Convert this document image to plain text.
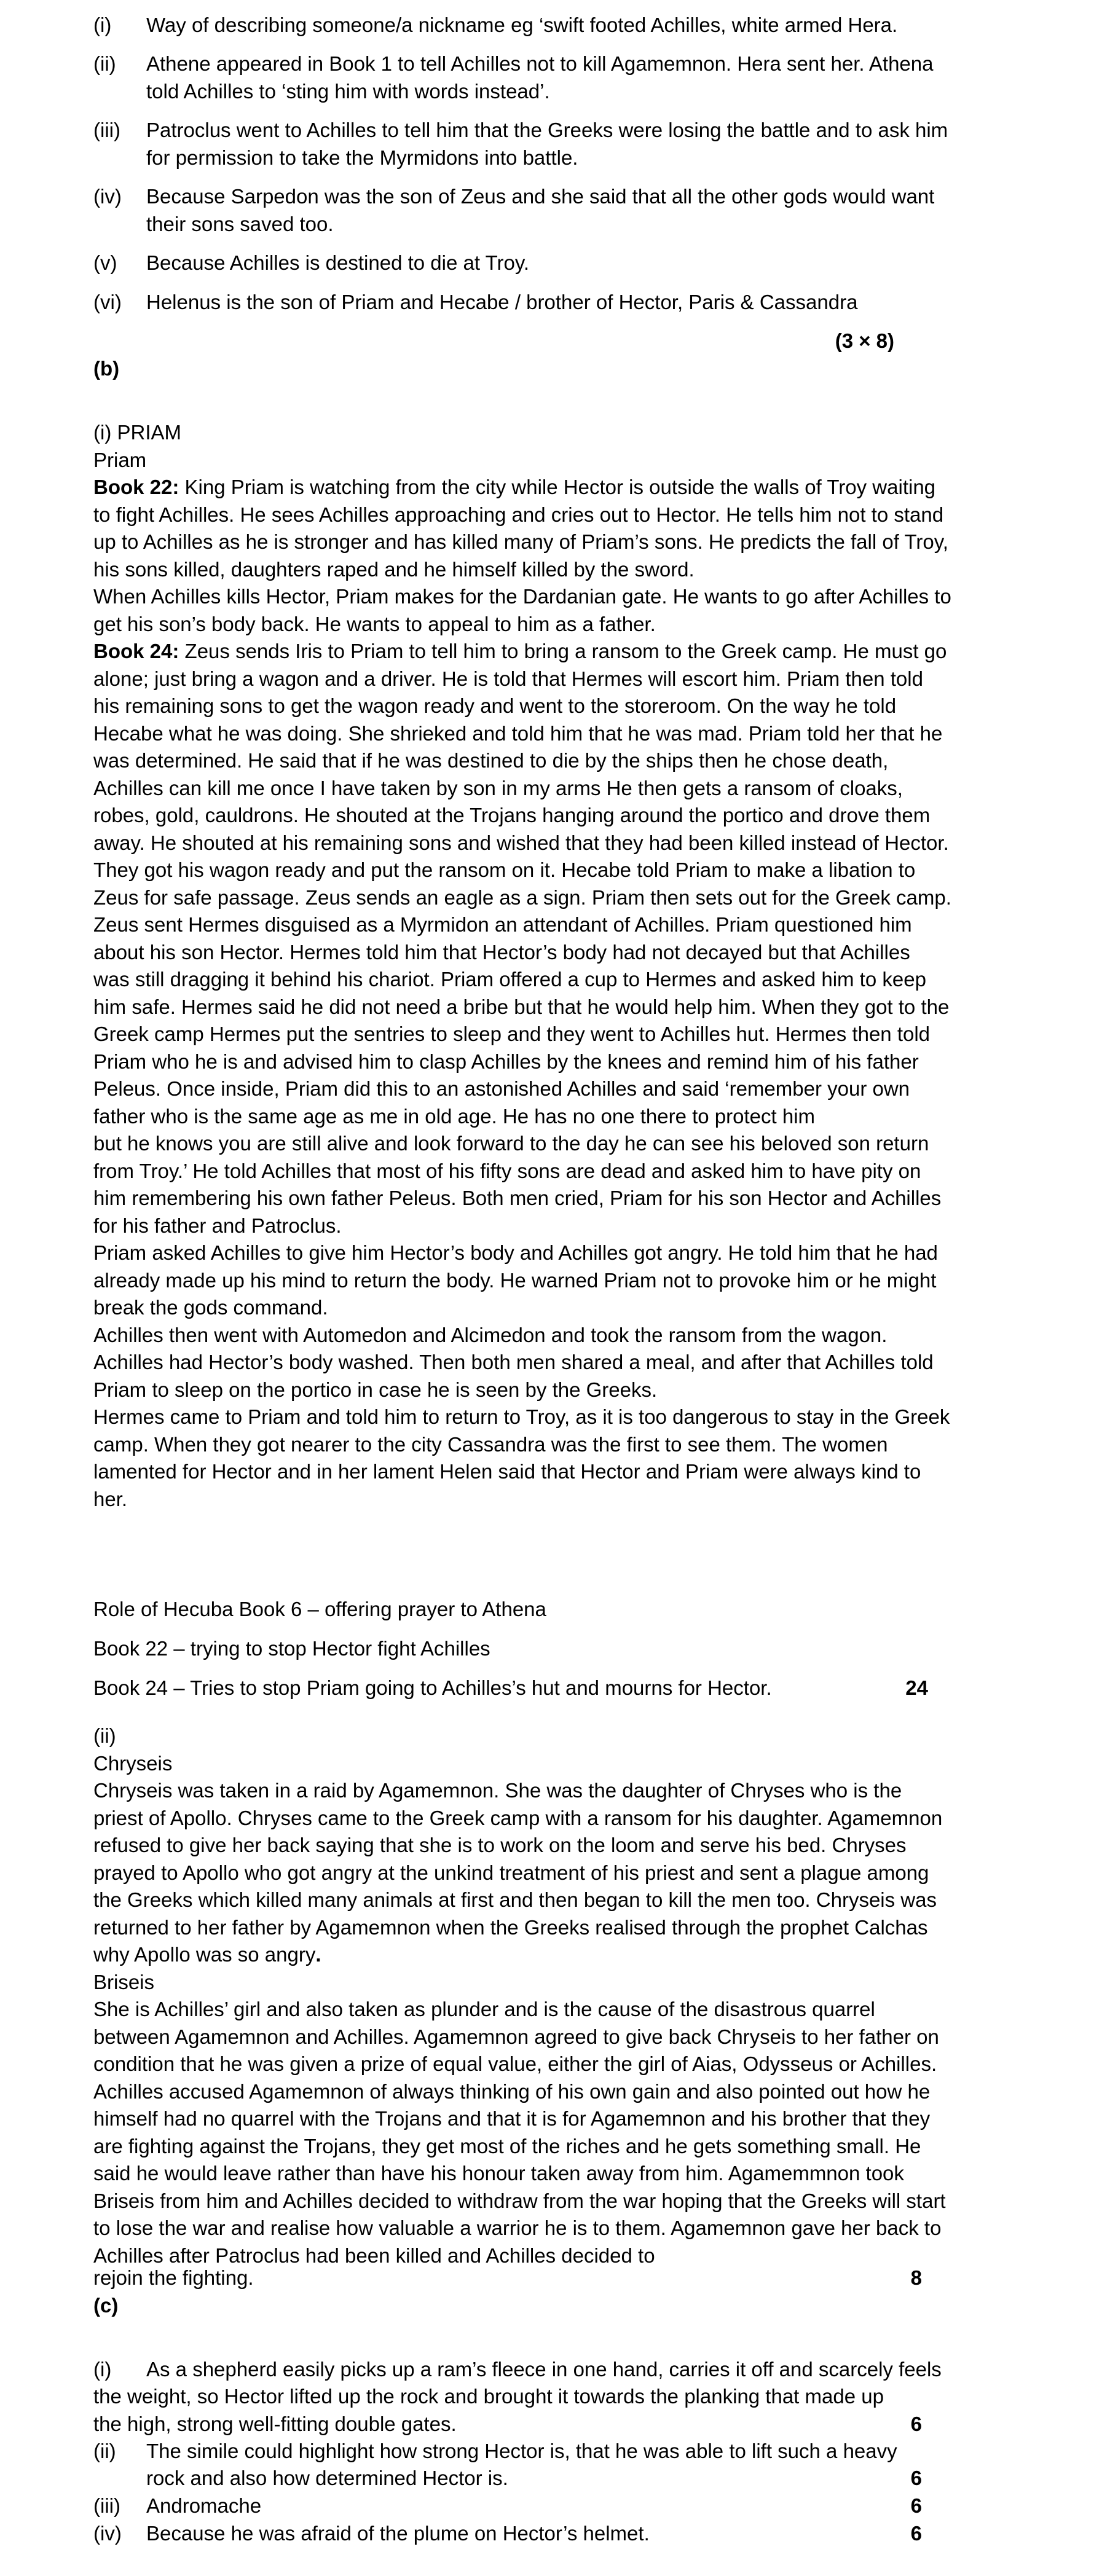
(i) Way of describing someone/a nickname eg ‘swift footed Achilles, white armed Hera.
(ii) Athene appeared in Book 1 to tell Achilles not to kill Agamemnon. Hera sent her. Athena told Achilles to ‘sting him with words instead’.
(iii) Patroclus went to Achilles to tell him that the Greeks were losing the battle and to ask him for permission to take the Myrmidons into battle.
(iv) Because Sarpedon was the son of Zeus and she said that all the other gods would want their sons saved too.
(v) Because Achilles is destined to die at Troy.
(vi) Helenus is the son of Priam and Hecabe / brother of Hector, Paris & Cassandra
(3 × 8)
(b)

(i) PRIAM

Priam

Book 22: King Priam is watching from the city while Hector is outside the walls of Troy waiting to fight Achilles. He sees Achilles approaching and cries out to Hector. He tells him not to stand up to Achilles as he is stronger and has killed many of Priam’s sons. He predicts the fall of Troy, his sons killed, daughters raped and he himself killed by the sword.

When Achilles kills Hector, Priam makes for the Dardanian gate. He wants to go after Achilles to get his son’s body back. He wants to appeal to him as a father.

Book 24: Zeus sends Iris to Priam to tell him to bring a ransom to the Greek camp. He must go alone; just bring a wagon and a driver. He is told that Hermes will escort him. Priam then told his remaining sons to get the wagon ready and went to the storeroom. On the way he told Hecabe what he was doing. She shrieked and told him that he was mad. Priam told her that he was determined. He said that if he was destined to die by the ships then he chose death, Achilles can kill me once I have taken by son in my arms He then gets a ransom of cloaks, robes, gold, cauldrons. He shouted at the Trojans hanging around the portico and drove them away. He shouted at his remaining sons and wished that they had been killed instead of Hector.

They got his wagon ready and put the ransom on it. Hecabe told Priam to make a libation to Zeus for safe passage. Zeus sends an eagle as a sign. Priam then sets out for the Greek camp.

Zeus sent Hermes disguised as a Myrmidon an attendant of Achilles. Priam questioned him about his son Hector. Hermes told him that Hector’s body had not decayed but that Achilles was still dragging it behind his chariot. Priam offered a cup to Hermes and asked him to keep him safe. Hermes said he did not need a bribe but that he would help him. When they got to the Greek camp Hermes put the sentries to sleep and they went to Achilles hut. Hermes then told Priam who he is and advised him to clasp Achilles by the knees and remind him of his father Peleus. Once inside, Priam did this to an astonished Achilles and said ‘remember your own father who is the same age as me in old age. He has no one there to protect him

but he knows you are still alive and look forward to the day he can see his beloved son return from Troy.’ He told Achilles that most of his fifty sons are dead and asked him to have pity on him remembering his own father Peleus. Both men cried, Priam for his son Hector and Achilles for his father and Patroclus.

Priam asked Achilles to give him Hector’s body and Achilles got angry. He told him that he had already made up his mind to return the body. He warned Priam not to provoke him or he might break the gods command.

Achilles then went with Automedon and Alcimedon and took the ransom from the wagon. Achilles had Hector’s body washed. Then both men shared a meal, and after that Achilles told Priam to sleep on the portico in case he is seen by the Greeks.

Hermes came to Priam and told him to return to Troy, as it is too dangerous to stay in the Greek camp. When they got nearer to the city Cassandra was the first to see them. The women lamented for Hector and in her lament Helen said that Hector and Priam were always kind to her.

Role of Hecuba Book 6 – offering prayer to Athena
Book 22 – trying to stop Hector fight Achilles
Book 24 – Tries to stop Priam going to Achilles’s hut and mourns for Hector.	24

(ii)

Chryseis

Chryseis was taken in a raid by Agamemnon. She was the daughter of Chryses who is the priest of Apollo. Chryses came to the Greek camp with a ransom for his daughter. Agamemnon refused to give her back saying that she is to work on the loom and serve his bed. Chryses prayed to Apollo who got angry at the unkind treatment of his priest and sent a plague among the Greeks which killed many animals at first and then began to kill the men too. Chryseis was returned to her father by Agamemnon when the Greeks realised through the prophet Calchas why Apollo was so angry.

Briseis

She is Achilles’ girl and also taken as plunder and is the cause of the disastrous quarrel between Agamemnon and Achilles. Agamemnon agreed to give back Chryseis to her father on condition that he was given a prize of equal value, either the girl of Aias, Odysseus or Achilles. Achilles accused Agamemnon of always thinking of his own gain and also pointed out how he himself had no quarrel with the Trojans and that it is for Agamemnon and his brother that they are fighting against the Trojans, they get most of the riches and he gets something small. He said he would leave rather than have his honour taken away from him. Agamemmnon took Briseis from him and Achilles decided to withdraw from the war hoping that the Greeks will start to lose the war and realise how valuable a warrior he is to them. Agamemnon gave her back to Achilles after Patroclus had been killed and Achilles decided to

rejoin the fighting.	8
(c)
(i) As a shepherd easily picks up a ram’s fleece in one hand, carries it off and scarcely feels
the weight, so Hector lifted up the rock and brought it towards the planking that made up
the high, strong well-fitting double gates.	6
(ii) The simile could highlight how strong Hector is, that he was able to lift such a heavy
rock and also how determined Hector is.	6
(iii) Andromache	6
(iv) Because he was afraid of the plume on Hector’s helmet.	6
